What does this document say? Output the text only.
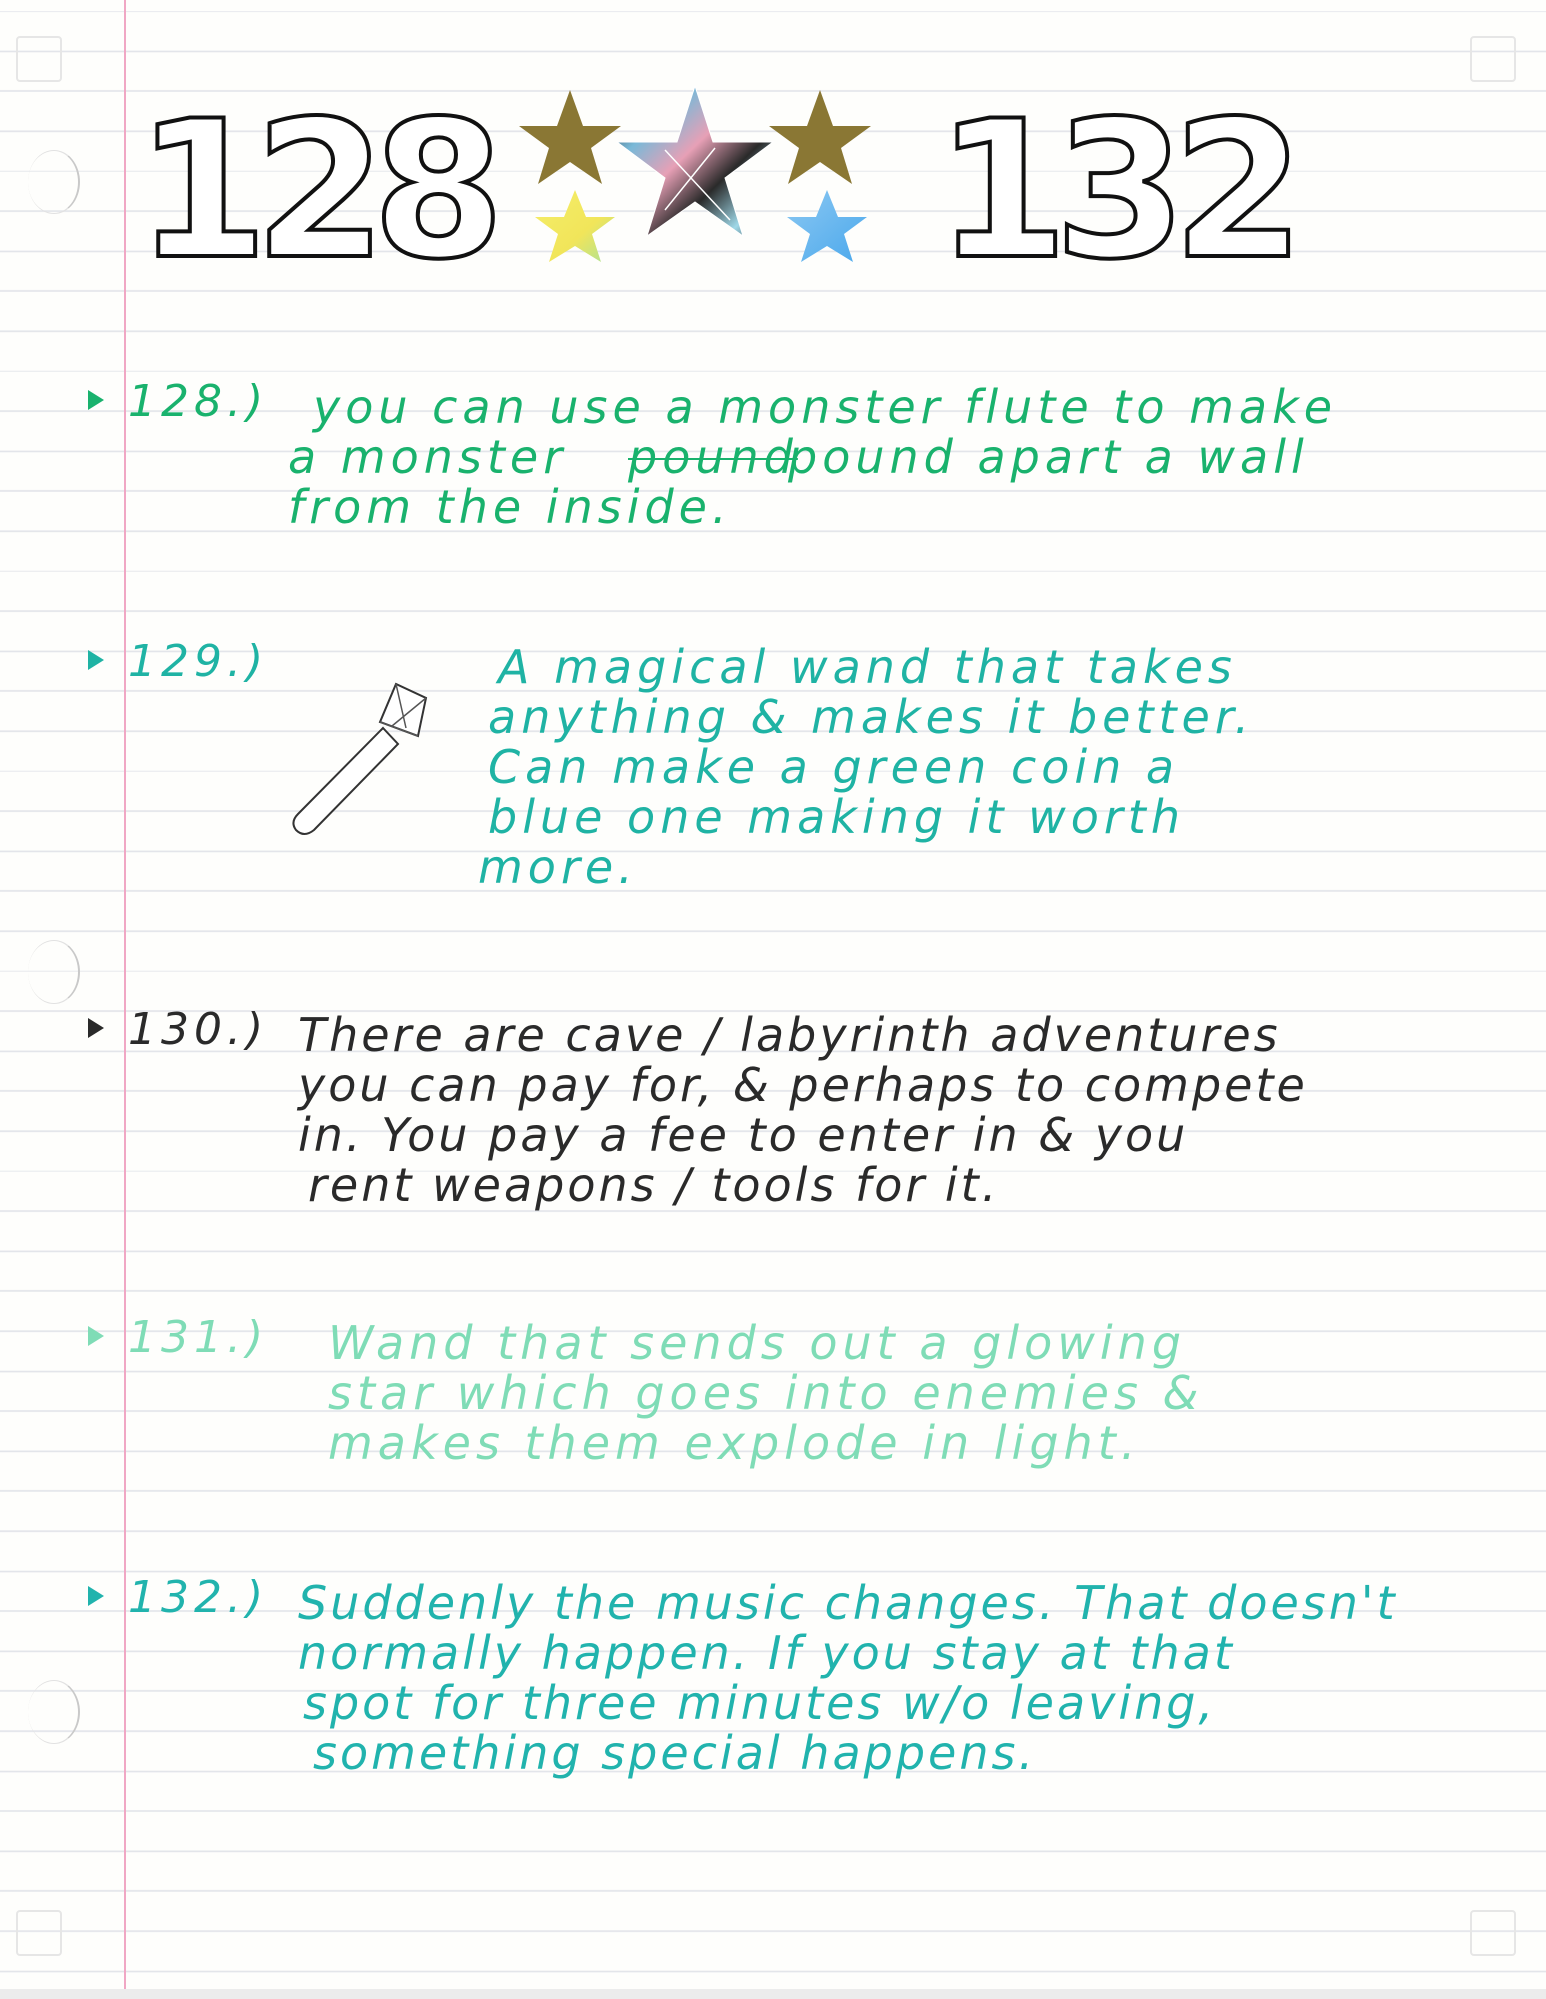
128 132
128.) you can use a monster flute to make
a monster pound
pound apart a wall
from the inside.
129.)	A magical wand that takes
anything & makes it better.
Can make a green coin a
blue one making it worth
more.
130.) There are cave / labyrinth adventures
you can pay for, & perhaps to compete
in. You pay a fee to enter in & you
rent weapons / tools for it.
131.) Wand that sends out a glowing
star which goes into enemies &
makes them explode in light.
132.) Suddenly the music changes. That doesn't
normally happen. If you stay at that
spot for three minutes w/o leaving,
something special happens.
